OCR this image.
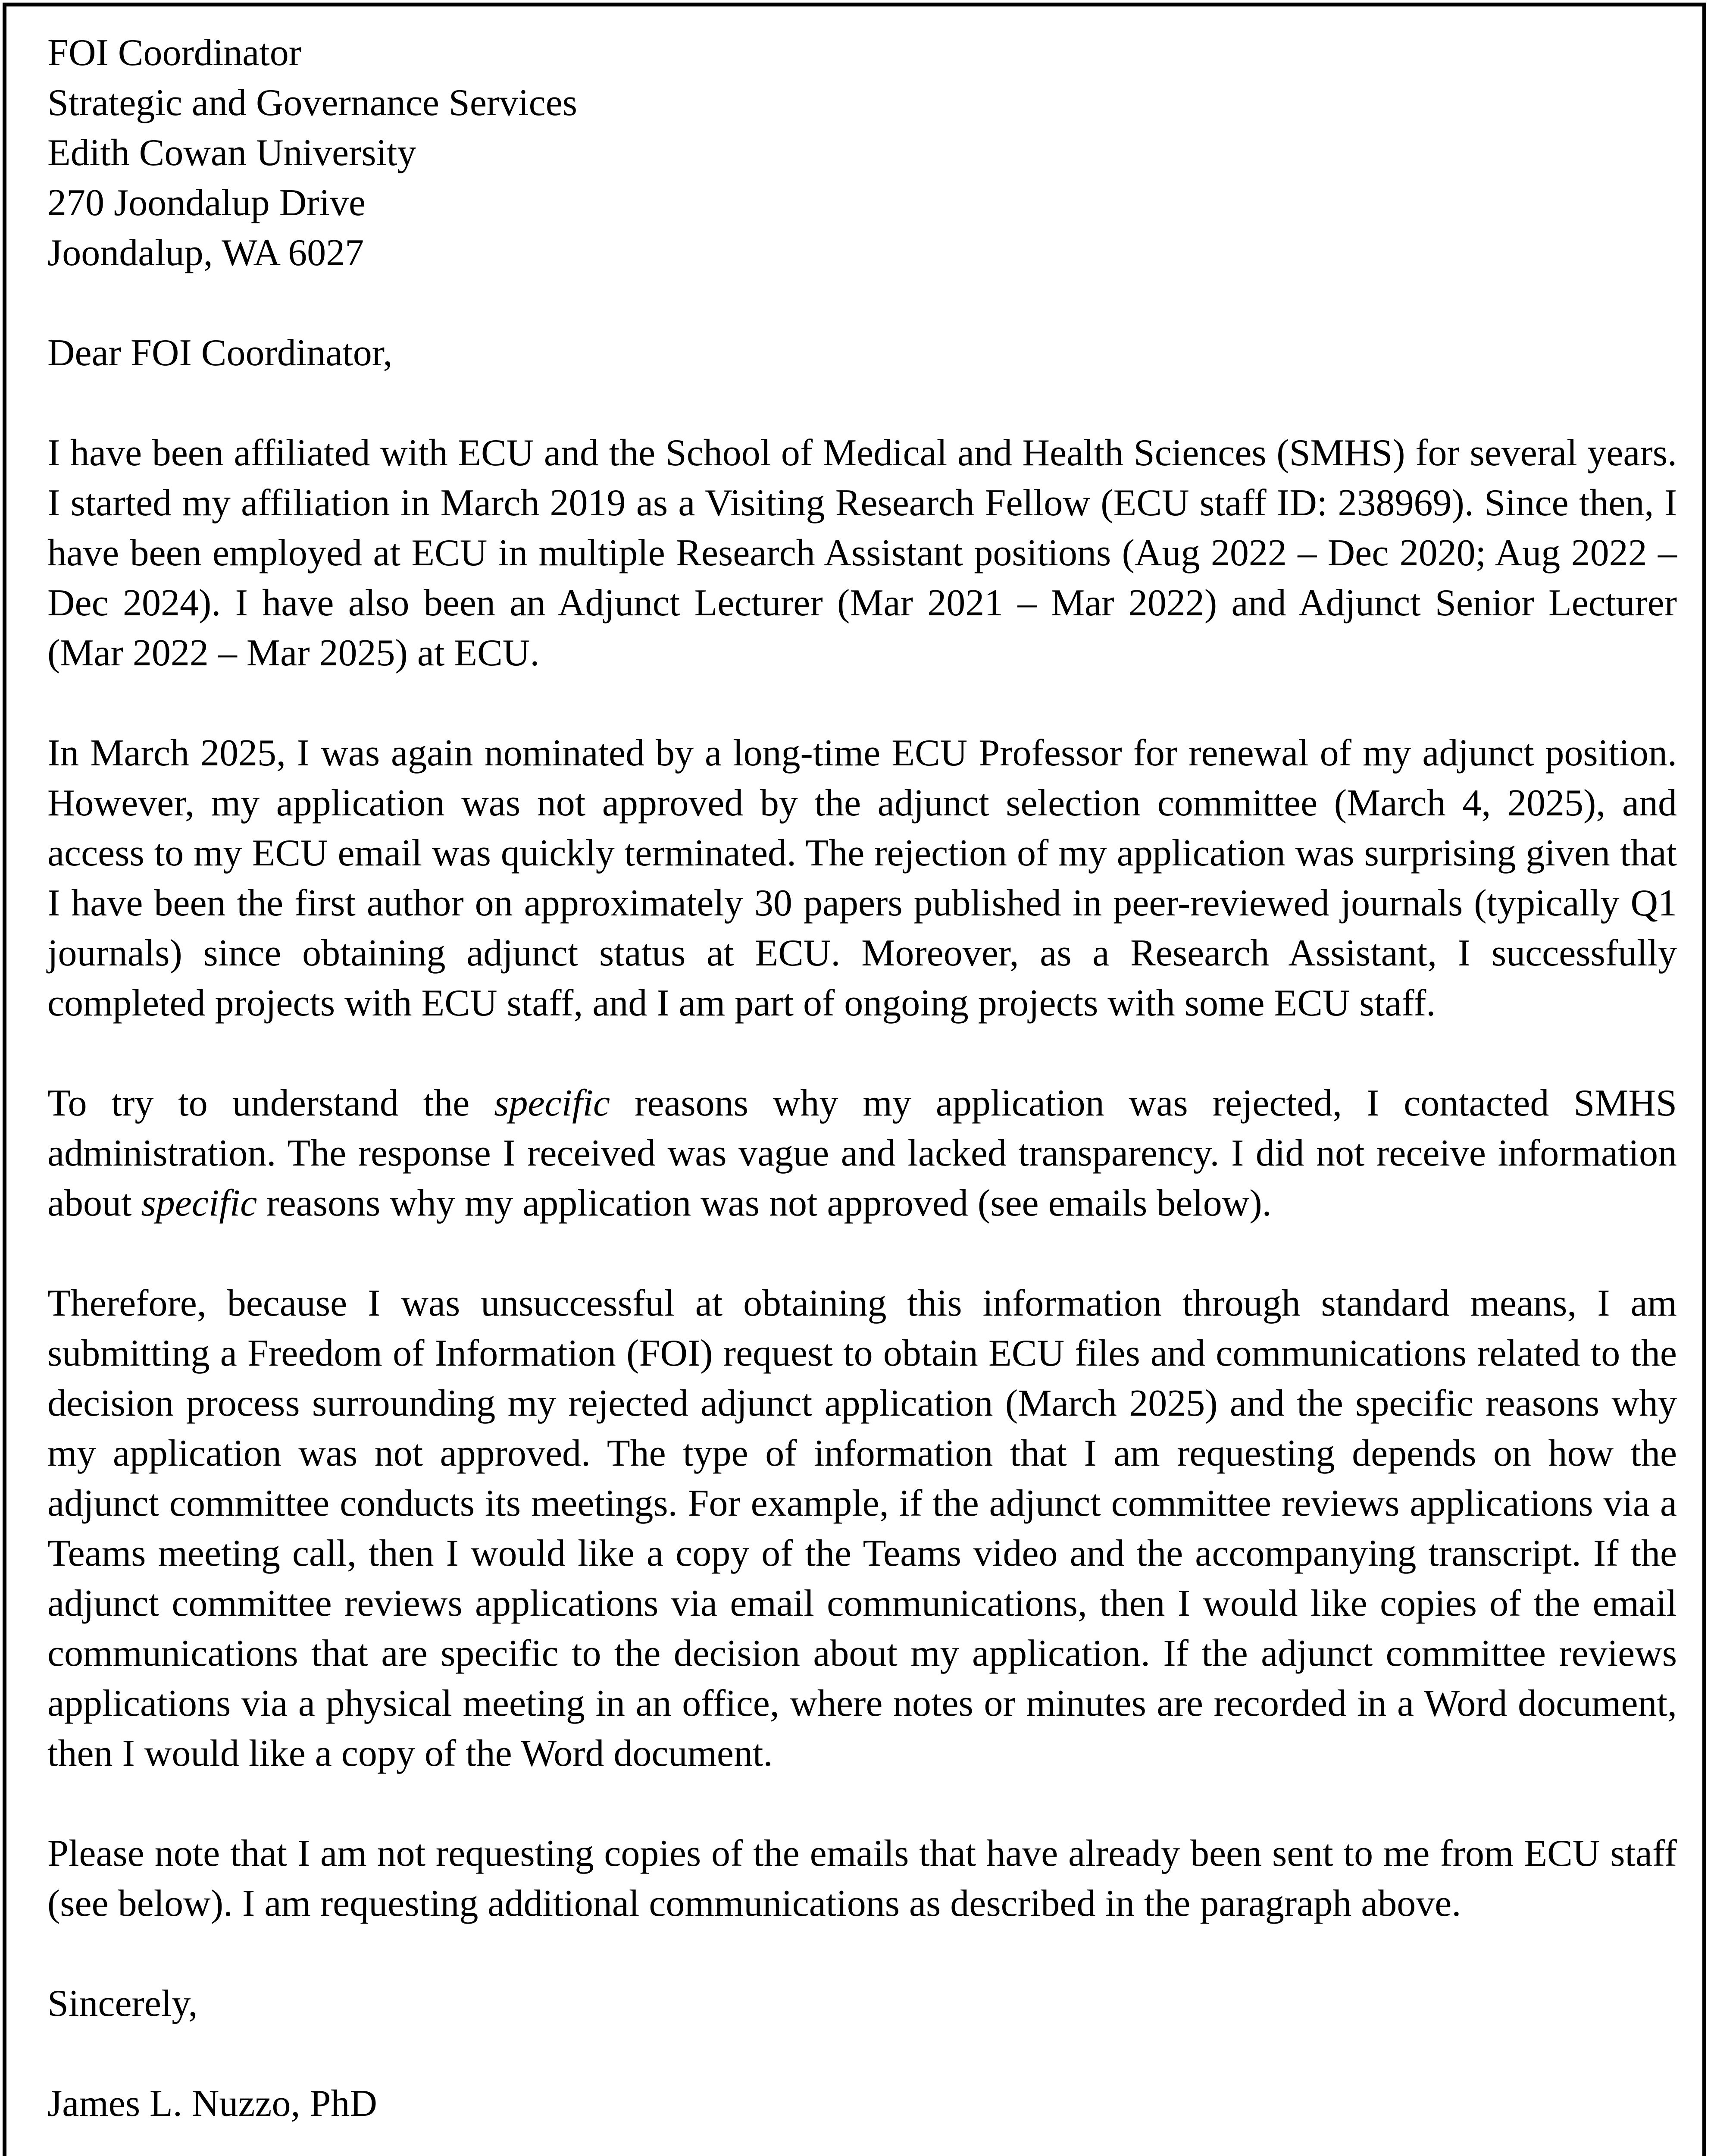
FOI Coordinator
Strategic and Governance Services
Edith Cowan University
270 Joondalup Drive
Joondalup, WA 6027

Dear FOI Coordinator,

I have been affiliated with ECU and the School of Medical and Health Sciences (SMHS) for several years. I started my affiliation in March 2019 as a Visiting Research Fellow (ECU staff ID: 238969). Since then, I have been employed at ECU in multiple Research Assistant positions (Aug 2022 – Dec 2020; Aug 2022 – Dec 2024). I have also been an Adjunct Lecturer (Mar 2021 – Mar 2022) and Adjunct Senior Lecturer (Mar 2022 – Mar 2025) at ECU.

In March 2025, I was again nominated by a long-time ECU Professor for renewal of my adjunct position. However, my application was not approved by the adjunct selection committee (March 4, 2025), and access to my ECU email was quickly terminated. The rejection of my application was surprising given that I have been the first author on approximately 30 papers published in peer-reviewed journals (typically Q1 journals) since obtaining adjunct status at ECU. Moreover, as a Research Assistant, I successfully completed projects with ECU staff, and I am part of ongoing projects with some ECU staff.

To try to understand the specific reasons why my application was rejected, I contacted SMHS administration. The response I received was vague and lacked transparency. I did not receive information about specific reasons why my application was not approved (see emails below).

Therefore, because I was unsuccessful at obtaining this information through standard means, I am submitting a Freedom of Information (FOI) request to obtain ECU files and communications related to the decision process surrounding my rejected adjunct application (March 2025) and the specific reasons why my application was not approved. The type of information that I am requesting depends on how the adjunct committee conducts its meetings. For example, if the adjunct committee reviews applications via a Teams meeting call, then I would like a copy of the Teams video and the accompanying transcript. If the adjunct committee reviews applications via email communications, then I would like copies of the email communications that are specific to the decision about my application. If the adjunct committee reviews applications via a physical meeting in an office, where notes or minutes are recorded in a Word document, then I would like a copy of the Word document.

Please note that I am not requesting copies of the emails that have already been sent to me from ECU staff (see below). I am requesting additional communications as described in the paragraph above.

Sincerely,

James L. Nuzzo, PhD
